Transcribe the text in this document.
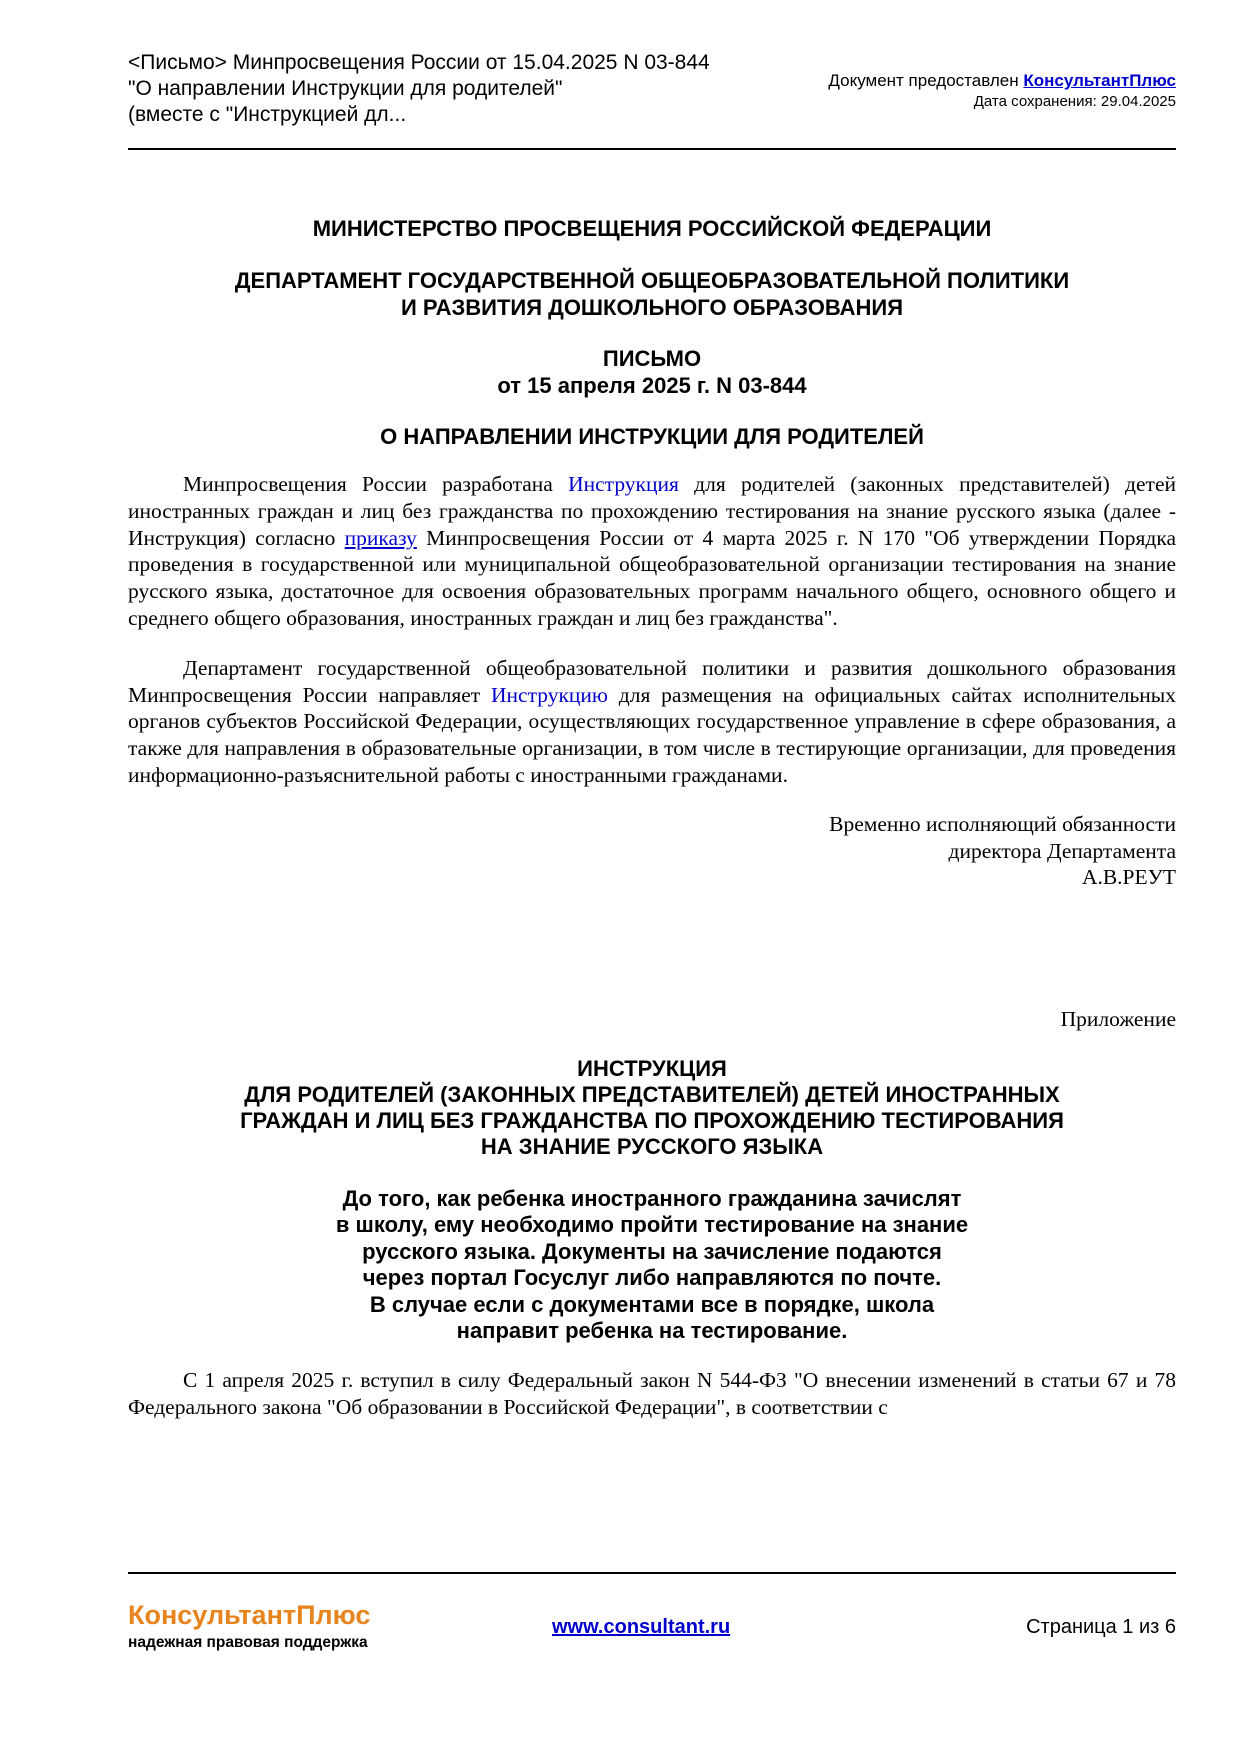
<Письмо> Минпросвещения России от 15.04.2025 N 03-844
"О направлении Инструкции для родителей"
(вместе с "Инструкцией дл...
Документ предоставлен КонсультантПлюс
Дата сохранения: 29.04.2025
МИНИСТЕРСТВО ПРОСВЕЩЕНИЯ РОССИЙСКОЙ ФЕДЕРАЦИИ
ДЕПАРТАМЕНТ ГОСУДАРСТВЕННОЙ ОБЩЕОБРАЗОВАТЕЛЬНОЙ ПОЛИТИКИ
И РАЗВИТИЯ ДОШКОЛЬНОГО ОБРАЗОВАНИЯ
ПИСЬМО
от 15 апреля 2025 г. N 03-844
О НАПРАВЛЕНИИ ИНСТРУКЦИИ ДЛЯ РОДИТЕЛЕЙ

Минпросвещения России разработана Инструкция для родителей (законных представителей) детей иностранных граждан и лиц без гражданства по прохождению тестирования на знание русского языка (далее - Инструкция) согласно приказу Минпросвещения России от 4 марта 2025 г. N 170 "Об утверждении Порядка проведения в государственной или муниципальной общеобразовательной организации тестирования на знание русского языка, достаточное для освоения образовательных программ начального общего, основного общего и среднего общего образования, иностранных граждан и лиц без гражданства".

Департамент государственной общеобразовательной политики и развития дошкольного образования Минпросвещения России направляет Инструкцию для размещения на официальных сайтах исполнительных органов субъектов Российской Федерации, осуществляющих государственное управление в сфере образования, а также для направления в образовательные организации, в том числе в тестирующие организации, для проведения информационно-разъяснительной работы с иностранными гражданами.

Временно исполняющий обязанности
директора Департамента
А.В.РЕУТ
Приложение
ИНСТРУКЦИЯ
ДЛЯ РОДИТЕЛЕЙ (ЗАКОННЫХ ПРЕДСТАВИТЕЛЕЙ) ДЕТЕЙ ИНОСТРАННЫХ
ГРАЖДАН И ЛИЦ БЕЗ ГРАЖДАНСТВА ПО ПРОХОЖДЕНИЮ ТЕСТИРОВАНИЯ
НА ЗНАНИЕ РУССКОГО ЯЗЫКА
До того, как ребенка иностранного гражданина зачислят
в школу, ему необходимо пройти тестирование на знание
русского языка. Документы на зачисление подаются
через портал Госуслуг либо направляются по почте.
В случае если с документами все в порядке, школа
направит ребенка на тестирование.

С 1 апреля 2025 г. вступил в силу Федеральный закон N 544-ФЗ "О внесении изменений в статьи 67 и 78 Федерального закона "Об образовании в Российской Федерации", в соответствии с

КонсультантПлюс
надежная правовая поддержка
www.consultant.ru	Страница 1 из 6
